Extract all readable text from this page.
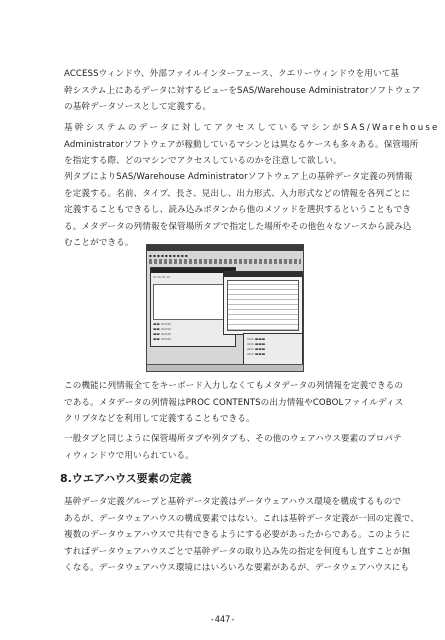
ACCESSウィンドウ、外部ファイルインターフェース、クエリーウィンドウを用いて基
幹システム上にあるデータに対するビューをSAS/Warehouse Administratorソフトウェア
の基幹データソースとして定義する。

基幹システムのデータに対してアクセスしているマシンがSAS/Warehouse
Administratorソフトウェアが稼動しているマシンとは異なるケースも多々ある。保管場所
を指定する際、どのマシンでアクセスしているのかを注意して欲しい。

列タブによりSAS/Warehouse Administratorソフトウェア上の基幹データ定義の列情報
を定義する。名前、タイプ、長さ、見出し、出力形式、入力形式などの情報を各列ごとに
定義することもできるし、読み込みボタンから他のメソッドを選択するということもでき
る。メタデータの列情報を保管場所タブで指定した場所やその他色々なソースから読み込
むことができる。

▪ ▪ ▪ ▪ ▪ ▪ ▪ ▪ ▪ ▪
▭ ▭ ▭ ▭
▬▬ ▭▭▭
▬▬ ▭▭▭
▬▬ ▭▭▭
▬▬ ▭▭▭	▭▭ ▬▬▬
▭▭ ▬▬▬
▭▭ ▬▬▬
▭▭ ▬▬▬

この機能に列情報全てをキーボード入力しなくてもメタデータの列情報を定義できるの
である。メタデータの列情報はPROC CONTENTSの出力情報やCOBOLファイルディス
クリプタなどを利用して定義することもできる。

一般タブと同じように保管場所タブや列タブも、その他のウェアハウス要素のプロパテ
ィウィンドウで用いられている。

8.ウエアハウス要素の定義

基幹データ定義グループと基幹データ定義はデータウェアハウス環境を構成するもので
あるが、データウェアハウスの構成要素ではない。これは基幹データ定義が一回の定義で、
複数のデータウェアハウスで共有できるようにする必要があったからである。このように
すればデータウェアハウスごとで基幹データの取り込み先の指定を何度もし直すことが無
くなる。データウェアハウス環境にはいろいろな要素があるが、データウェアハウスにも

-447-
